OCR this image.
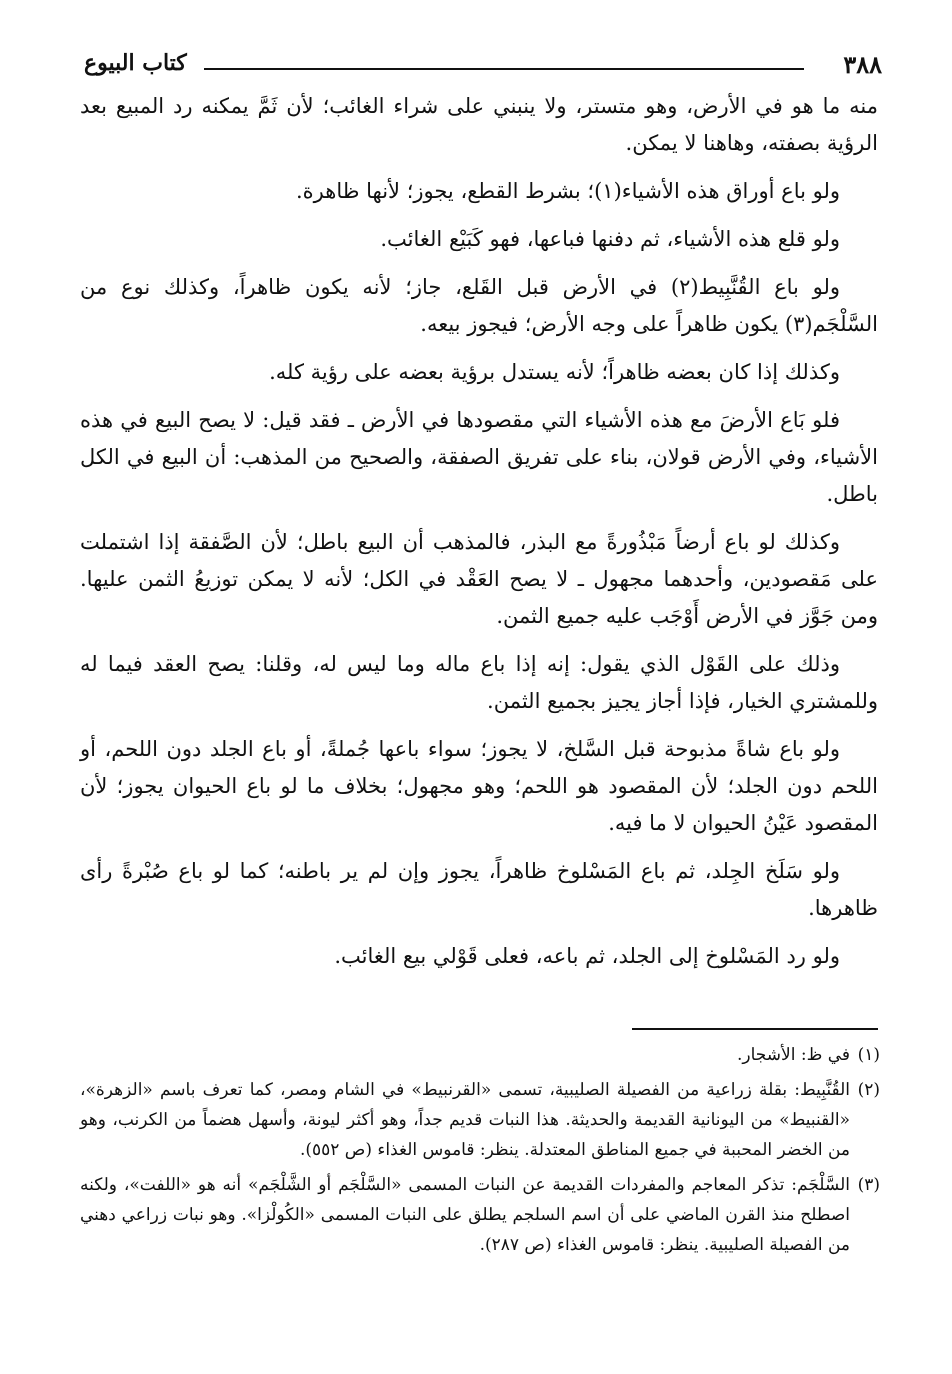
٣٨٨
كتاب البيوع

منه ما هو في الأرض، وهو متستر، ولا ينبني على شراء الغائب؛ لأن ثَمَّ يمكنه رد المبيع بعد الرؤية بصفته، وهاهنا لا يمكن.

ولو باع أوراق هذه الأشياء(١)؛ بشرط القطع، يجوز؛ لأنها ظاهرة.

ولو قلع هذه الأشياء، ثم دفنها فباعها، فهو كَبَيْع الغائب.

ولو باع القُنَّبِيط(٢) في الأرض قبل القَلع، جاز؛ لأنه يكون ظاهراً، وكذلك نوع من السَّلْجَم(٣) يكون ظاهراً على وجه الأرض؛ فيجوز بيعه.

وكذلك إذا كان بعضه ظاهراً؛ لأنه يستدل برؤية بعضه على رؤية كله.

فلو بَاع الأرضَ مع هذه الأشياء التي مقصودها في الأرض ـ فقد قيل: لا يصح البيع في هذه الأشياء، وفي الأرض قولان، بناء على تفريق الصفقة، والصحيح من المذهب: أن البيع في الكل باطل.

وكذلك لو باع أرضاً مَبْذُورةً مع البذر، فالمذهب أن البيع باطل؛ لأن الصَّفقة إذا اشتملت على مَقصودين، وأحدهما مجهول ـ لا يصح العَقْد في الكل؛ لأنه لا يمكن توزيعُ الثمن عليها. ومن جَوَّز في الأرض أَوْجَب عليه جميع الثمن.

وذلك على القَوْل الذي يقول: إنه إذا باع ماله وما ليس له، وقلنا: يصح العقد فيما له وللمشتري الخيار، فإذا أجاز يجيز بجميع الثمن.

ولو باع شاةً مذبوحة قبل السَّلخ، لا يجوز؛ سواء باعها جُملةً، أو باع الجلد دون اللحم، أو اللحم دون الجلد؛ لأن المقصود هو اللحم؛ وهو مجهول؛ بخلاف ما لو باع الحيوان يجوز؛ لأن المقصود عَيْنُ الحيوان لا ما فيه.

ولو سَلَخ الجِلد، ثم باع المَسْلوخ ظاهراً، يجوز وإن لم ير باطنه؛ كما لو باع صُبْرةً رأى ظاهرها.

ولو رد المَسْلوخ إلى الجلد، ثم باعه، فعلى قَوْلي بيع الغائب.

(١)
في ظ: الأشجار.

(٢)
القُنَّبِيط: بقلة زراعية من الفصيلة الصليبية، تسمى «القرنبيط» في الشام ومصر، كما تعرف باسم «الزهرة»، «القنبيط» من اليونانية القديمة والحديثة. هذا النبات قديم جداً، وهو أكثر ليونة، وأسهل هضماً من الكرنب، وهو من الخضر المحببة في جميع المناطق المعتدلة. ينظر: قاموس الغذاء (ص ٥٥٢).

(٣)
السَّلْجَم: تذكر المعاجم والمفردات القديمة عن النبات المسمى «السَّلْجَم أو الشَّلْجَم» أنه هو «اللفت»، ولكنه اصطلح منذ القرن الماضي على أن اسم السلجم يطلق على النبات المسمى «الكُولْزا». وهو نبات زراعي دهني من الفصيلة الصليبية. ينظر: قاموس الغذاء (ص ٢٨٧).
